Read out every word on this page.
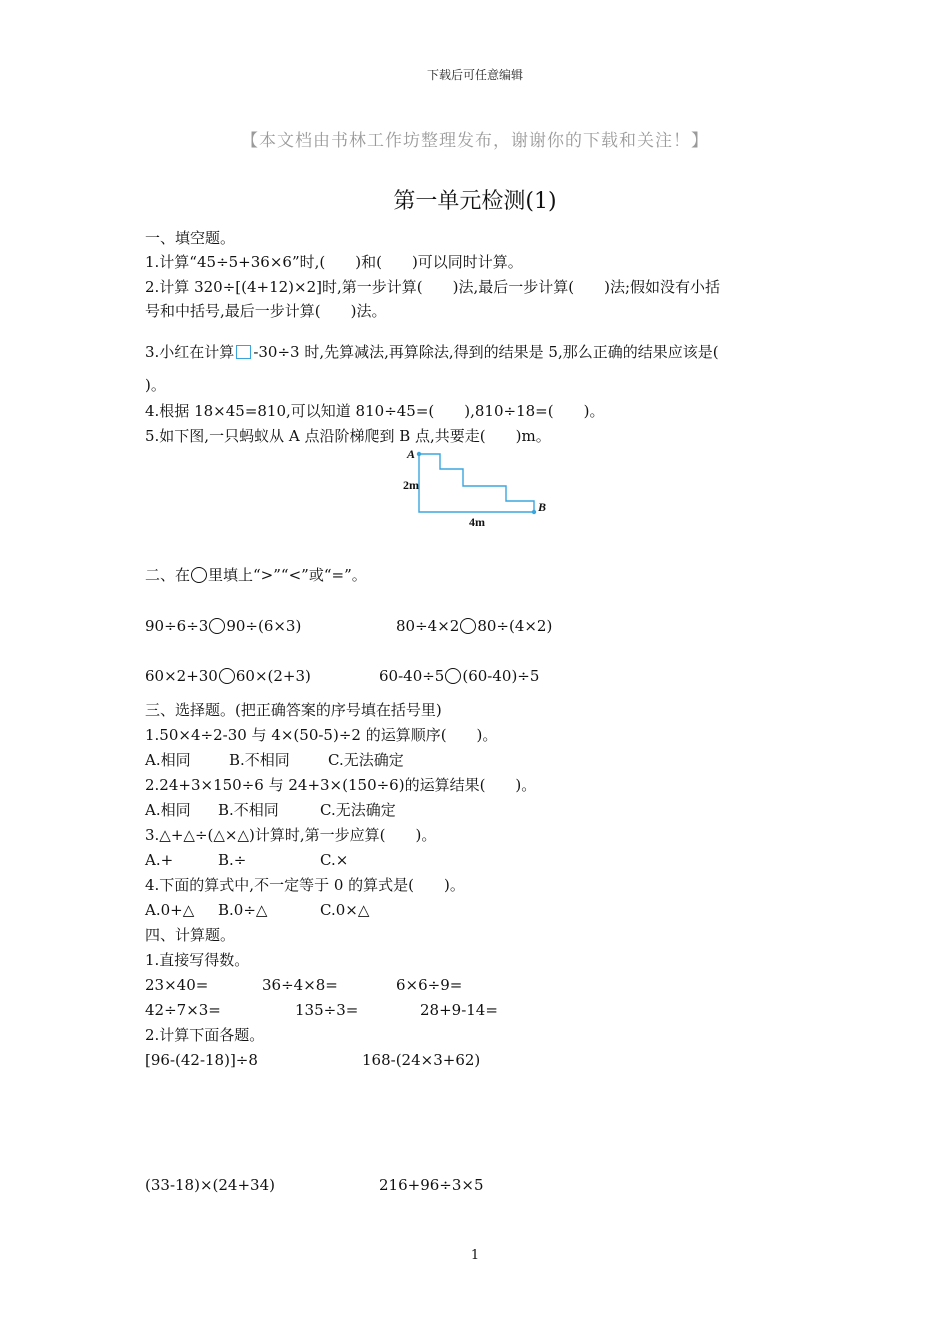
下载后可任意编辑
【本文档由书林工作坊整理发布，谢谢你的下载和关注！】
第一单元检测(1)
一、填空题。
1.计算“45÷5+36×6”时,(　　)和(　　)可以同时计算。
2.计算 320÷[(4+12)×2]时,第一步计算(　　)法,最后一步计算(　　)法;假如没有小括
号和中括号,最后一步计算(　　)法。
3.小红在计算 -30÷3 时,先算减法,再算除法,得到的结果是 5,那么正确的结果应该是(
)。
4.根据 18×45=810,可以知道 810÷45=(　　),810÷18=(　　)。
5.如下图,一只蚂蚁从 A 点沿阶梯爬到 B 点,共要走(　　)m。
A
B
2m
4m
二、在 里填上“>”“<”或“=”。
90÷6÷3 90÷(6×3)	80÷4×2 80÷(4×2)
60×2+30 60×(2+3)	60-40÷5 (60-40)÷5
三、选择题。(把正确答案的序号填在括号里)
1.50×4÷2-30 与 4×(50-5)÷2 的运算顺序(　　)。
A.相同	B.不相同	C.无法确定
2.24+3×150÷6 与 24+3×(150÷6)的运算结果(　　)。
A.相同 B.不相同	C.无法确定
3.△+△÷(△×△)计算时,第一步应算(　　)。
A.+	B.÷	C.×
4.下面的算式中,不一定等于 0 的算式是(　　)。
A.0+△ B.0÷△	C.0×△
四、计算题。
1.直接写得数。
23×40=	36÷4×8=	6×6÷9=
42÷7×3=	135÷3=	28+9-14=
2.计算下面各题。
[96-(42-18)]÷8	168-(24×3+62)
(33-18)×(24+34)	216+96÷3×5
1
